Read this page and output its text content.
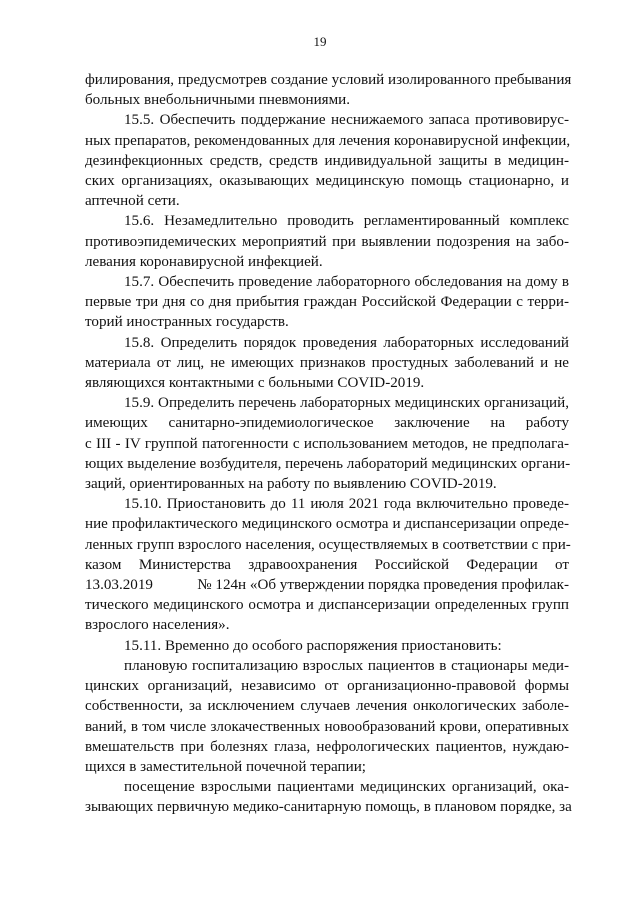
19
филирования, предусмотрев создание условий изолированного пребывания
больных внебольничными пневмониями.
15.5. Обеспечить поддержание неснижаемого запаса противовирус-
ных препаратов, рекомендованных для лечения коронавирусной инфекции,
дезинфекционных средств, средств индивидуальной защиты в медицин-
ских организациях, оказывающих медицинскую помощь стационарно, и
аптечной сети.
15.6. Незамедлительно проводить регламентированный комплекс
противоэпидемических мероприятий при выявлении подозрения на забо-
левания коронавирусной инфекцией.
15.7. Обеспечить проведение лабораторного обследования на дому в
первые три дня со дня прибытия граждан Российской Федерации с терри-
торий иностранных государств.
15.8. Определить порядок проведения лабораторных исследований
материала от лиц, не имеющих признаков простудных заболеваний и не
являющихся контактными с больными COVID-2019.
15.9. Определить перечень лабораторных медицинских организаций,
имеющих санитарно-эпидемиологическое заключение на работу
с III - IV группой патогенности с использованием методов, не предполага-
ющих выделение возбудителя, перечень лабораторий медицинских органи-
заций, ориентированных на работу по выявлению COVID-2019.
15.10. Приостановить до 11 июля 2021 года включительно проведе-
ние профилактического медицинского осмотра и диспансеризации опреде-
ленных групп взрослого населения, осуществляемых в соответствии с при-
казом Министерства здравоохранения Российской Федерации от
13.03.2019	№ 124н «Об утверждении порядка проведения профилак-
тического медицинского осмотра и диспансеризации определенных групп
взрослого населения».
15.11. Временно до особого распоряжения приостановить:
плановую госпитализацию взрослых пациентов в стационары меди-
цинских организаций, независимо от организационно-правовой формы
собственности, за исключением случаев лечения онкологических заболе-
ваний, в том числе злокачественных новообразований крови, оперативных
вмешательств при болезнях глаза, нефрологических пациентов, нуждаю-
щихся в заместительной почечной терапии;
посещение взрослыми пациентами медицинских организаций, ока-
зывающих первичную медико-санитарную помощь, в плановом порядке, за
